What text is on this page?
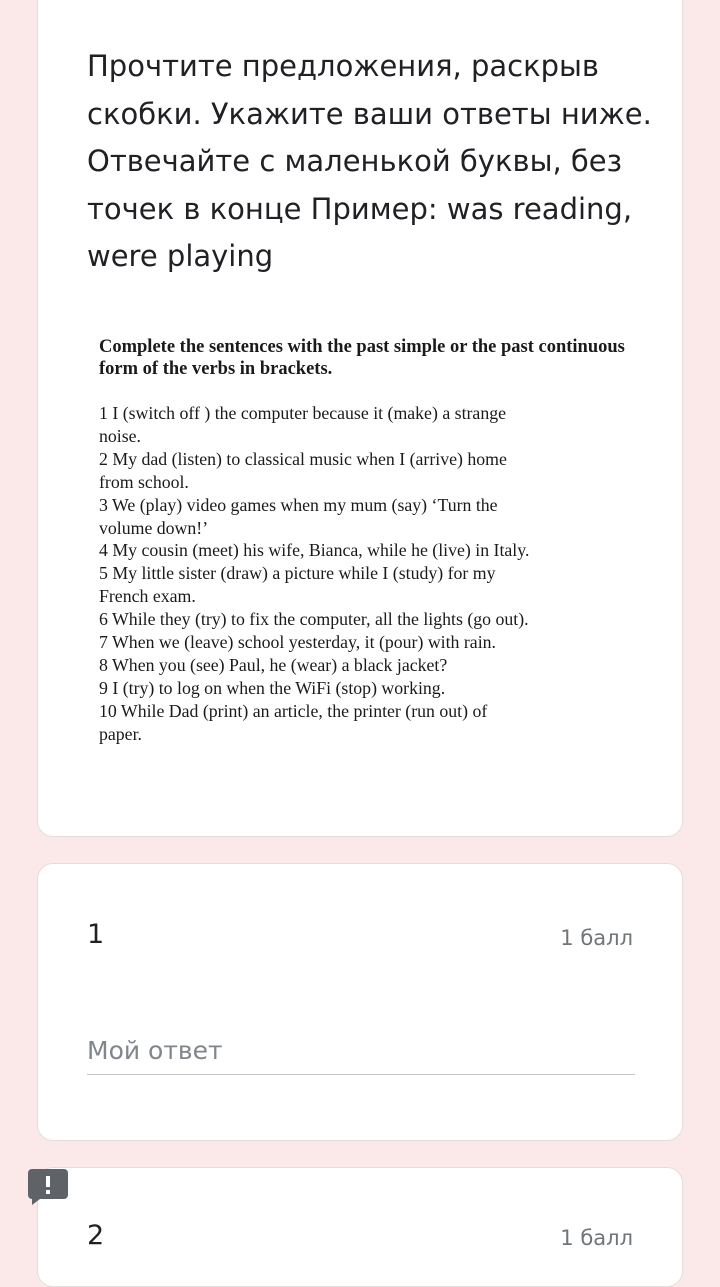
Прочтите предложения, раскрыв скобки. Укажите ваши ответы ниже. Отвечайте с маленькой буквы, без точек в конце Пример: was reading, were playing

Complete the sentences with the past simple or the past continuous form of the verbs in brackets.

1 I (switch off ) the computer because it (make) a strange
noise.
2 My dad (listen) to classical music when I (arrive) home
from school.
3 We (play) video games when my mum (say) ‘Turn the
volume down!’
4 My cousin (meet) his wife, Bianca, while he (live) in Italy.
5 My little sister (draw) a picture while I (study) for my
French exam.
6 While they (try) to fix the computer, all the lights (go out).
7 When we (leave) school yesterday, it (pour) with rain.
8 When you (see) Paul, he (wear) a black jacket?
9 I (try) to log on when the WiFi (stop) working.
10 While Dad (print) an article, the printer (run out) of
paper.

1	1 балл
Мой ответ

2	1 балл
